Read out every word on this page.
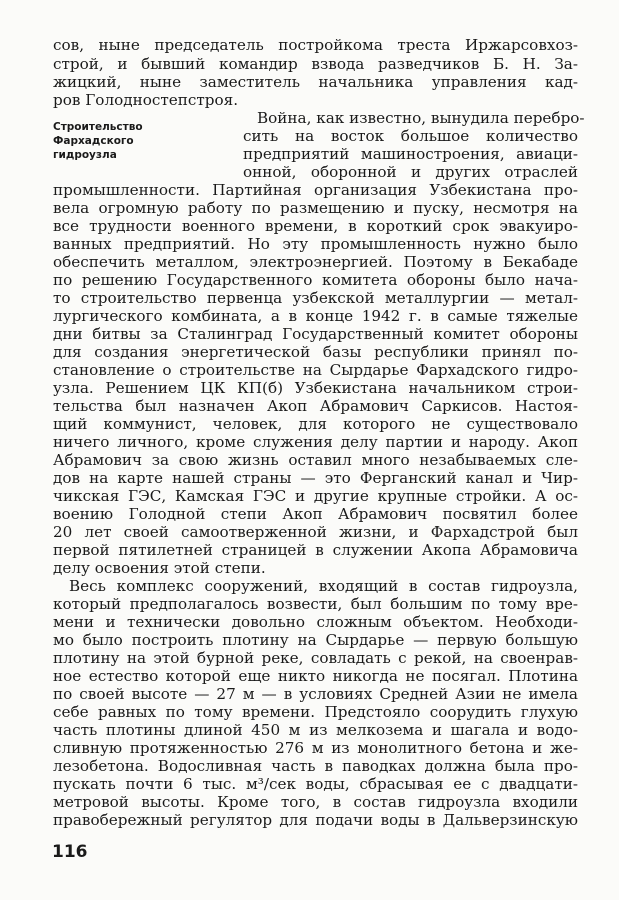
Строительство
Фархадского
гидроузла

сов, ныне председатель постройкома треста Иржарсовхоз-

строй, и бывший командир взвода разведчиков Б. Н. За-

жицкий, ныне заместитель начальника управления кад-

ров Голодностепстроя.

Война, как известно, вынудила перебро-

сить на восток большое количество

предприятий машиностроения, авиаци-

онной, оборонной и других отраслей

промышленности. Партийная организация Узбекистана про-

вела огромную работу по размещению и пуску, несмотря на

все трудности военного времени, в короткий срок эвакуиро-

ванных предприятий. Но эту промышленность нужно было

обеспечить металлом, электроэнергией. Поэтому в Бекабаде

по решению Государственного комитета обороны было нача-

то строительство первенца узбекской металлургии — метал-

лургического комбината, а в конце 1942 г. в самые тяжелые

дни битвы за Сталинград Государственный комитет обороны

для создания энергетической базы республики принял по-

становление о строительстве на Сырдарье Фархадского гидро-

узла. Решением ЦК КП(б) Узбекистана начальником строи-

тельства был назначен Акоп Абрамович Саркисов. Настоя-

щий коммунист, человек, для которого не существовало

ничего личного, кроме служения делу партии и народу. Акоп

Абрамович за свою жизнь оставил много незабываемых сле-

дов на карте нашей страны — это Ферганский канал и Чир-

чикская ГЭС, Камская ГЭС и другие крупные стройки. А ос-

воению Голодной степи Акоп Абрамович посвятил более

20 лет своей самоотверженной жизни, и Фархадстрой был

первой пятилетней страницей в служении Акопа Абрамовича

делу освоения этой степи.

Весь комплекс сооружений, входящий в состав гидроузла,

который предполагалось возвести, был большим по тому вре-

мени и технически довольно сложным объектом. Необходи-

мо было построить плотину на Сырдарье — первую большую

плотину на этой бурной реке, совладать с рекой, на своенрав-

ное естество которой еще никто никогда не посягал. Плотина

по своей высоте — 27 м — в условиях Средней Азии не имела

себе равных по тому времени. Предстояло соорудить глухую

часть плотины длиной 450 м из мелкозема и шагала и водо-

сливную протяженностью 276 м из монолитного бетона и же-

лезобетона. Водосливная часть в паводках должна была про-

пускать почти 6 тыс. м³/сек воды, сбрасывая ее с двадцати-

метровой высоты. Кроме того, в состав гидроузла входили

правобережный регулятор для подачи воды в Дальверзинскую

116
